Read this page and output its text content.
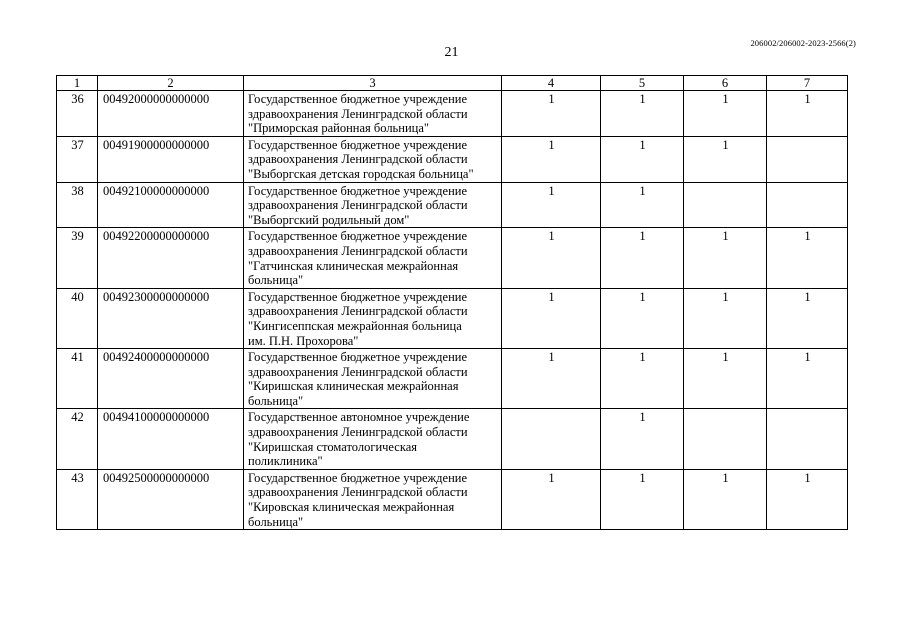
206002/206002-2023-2566(2)
21
1	2	3	4	5	6	7
36	00492000000000000	Государственное бюджетное учреждение
здравоохранения Ленинградской области
"Приморская районная больница"	1	1	1	1
37	00491900000000000	Государственное бюджетное учреждение
здравоохранения Ленинградской области
"Выборгская детская городская больница"	1	1	1	
38	00492100000000000	Государственное бюджетное учреждение
здравоохранения Ленинградской области
"Выборгский родильный дом"	1	1		
39	00492200000000000	Государственное бюджетное учреждение
здравоохранения Ленинградской области
"Гатчинская клиническая межрайонная
больница"	1	1	1	1
40	00492300000000000	Государственное бюджетное учреждение
здравоохранения Ленинградской области
"Кингисеппская межрайонная больница
им. П.Н. Прохорова"	1	1	1	1
41	00492400000000000	Государственное бюджетное учреждение
здравоохранения Ленинградской области
"Киришская клиническая межрайонная
больница"	1	1	1	1
42	00494100000000000	Государственное автономное учреждение
здравоохранения Ленинградской области
"Киришская стоматологическая
поликлиника"		1		
43	00492500000000000	Государственное бюджетное учреждение
здравоохранения Ленинградской области
"Кировская клиническая межрайонная
больница"	1	1	1	1
